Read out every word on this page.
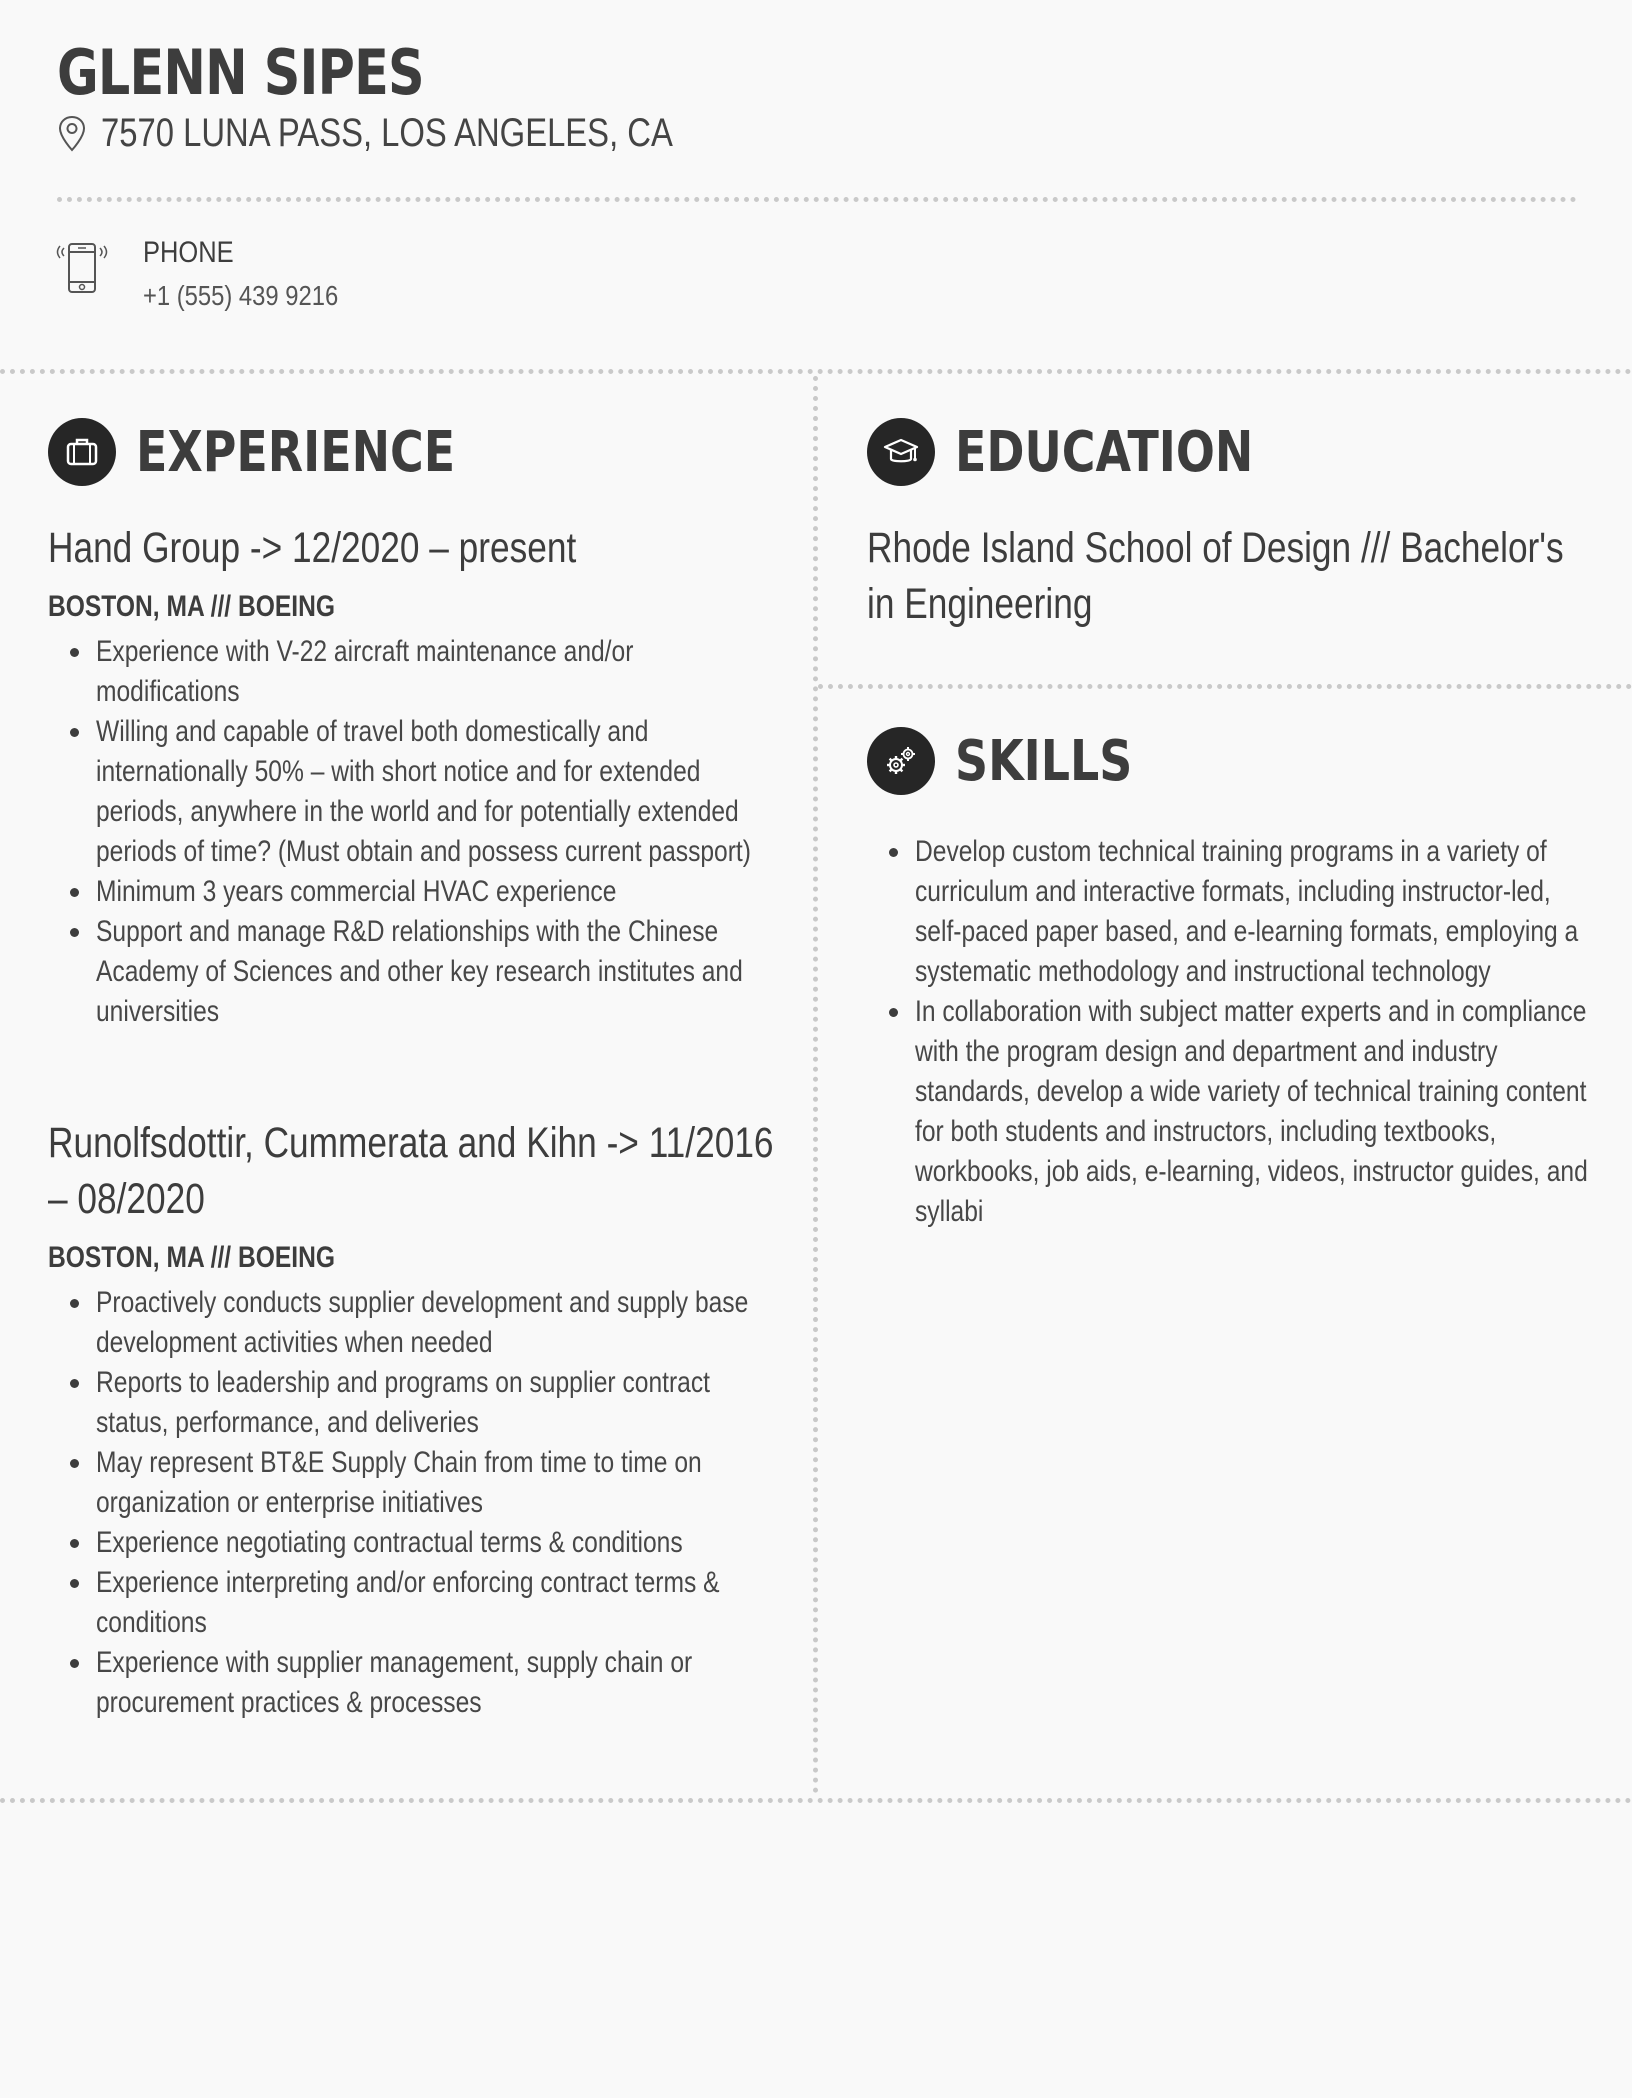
GLENN SIPES
7570 LUNA PASS, LOS ANGELES, CA
PHONE
+1 (555) 439 9216
EXPERIENCE
Hand Group -> 12/2020 – present
BOSTON, MA /// BOEING
Experience with V-22 aircraft maintenance and/or modifications
Willing and capable of travel both domestically and internationally 50% – with short notice and for extended periods, anywhere in the world and for potentially extended periods of time? (Must obtain and possess current passport)
Minimum 3 years commercial HVAC experience
Support and manage R&D relationships with the Chinese Academy of Sciences and other key research institutes and universities
Runolfsdottir, Cummerata and Kihn -> 11/2016 – 08/2020
BOSTON, MA /// BOEING
Proactively conducts supplier development and supply base development activities when needed
Reports to leadership and programs on supplier contract status, performance, and deliveries
May represent BT&E Supply Chain from time to time on organization or enterprise initiatives
Experience negotiating contractual terms & conditions
Experience interpreting and/or enforcing contract terms & conditions
Experience with supplier management, supply chain or procurement practices & processes
EDUCATION
Rhode Island School of Design /// Bachelor's in Engineering
SKILLS
Develop custom technical training programs in a variety of curriculum and interactive formats, including instructor-led, self-paced paper based, and e-learning formats, employing a systematic methodology and instructional technology
In collaboration with subject matter experts and in compliance with the program design and department and industry standards, develop a wide variety of technical training content for both students and instructors, including textbooks, workbooks, job aids, e-learning, videos, instructor guides, and syllabi
